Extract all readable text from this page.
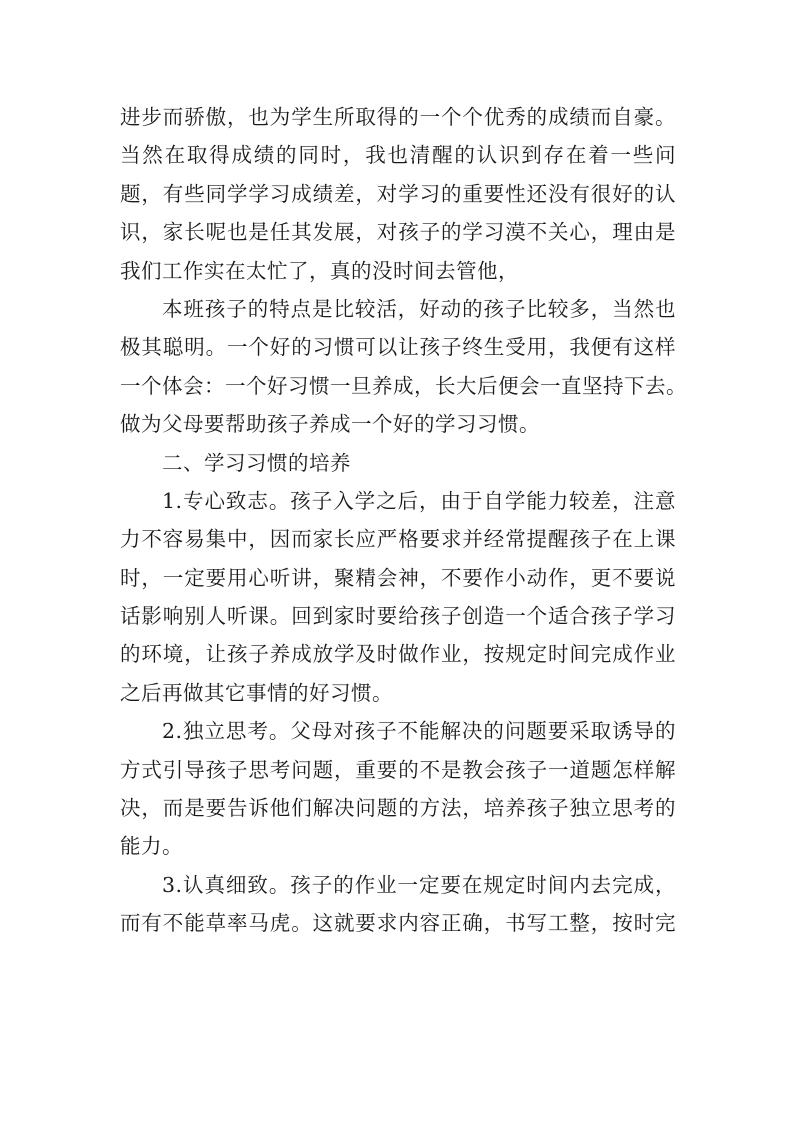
进步而骄傲，也为学生所取得的一个个优秀的成绩而自豪。
当然在取得成绩的同时，我也清醒的认识到存在着一些问
题，有些同学学习成绩差，对学习的重要性还没有很好的认
识，家长呢也是任其发展，对孩子的学习漠不关心，理由是
我们工作实在太忙了，真的没时间去管他，
本班孩子的特点是比较活，好动的孩子比较多，当然也
极其聪明。一个好的习惯可以让孩子终生受用，我便有这样
一个体会：一个好习惯一旦养成，长大后便会一直坚持下去。
做为父母要帮助孩子养成一个好的学习习惯。
二、学习习惯的培养
1.专心致志。孩子入学之后，由于自学能力较差，注意
力不容易集中，因而家长应严格要求并经常提醒孩子在上课
时，一定要用心听讲，聚精会神，不要作小动作，更不要说
话影响别人听课。回到家时要给孩子创造一个适合孩子学习
的环境，让孩子养成放学及时做作业，按规定时间完成作业
之后再做其它事情的好习惯。
2.独立思考。父母对孩子不能解决的问题要采取诱导的
方式引导孩子思考问题，重要的不是教会孩子一道题怎样解
决，而是要告诉他们解决问题的方法，培养孩子独立思考的
能力。
3.认真细致。孩子的作业一定要在规定时间内去完成，
而有不能草率马虎。这就要求内容正确，书写工整，按时完
